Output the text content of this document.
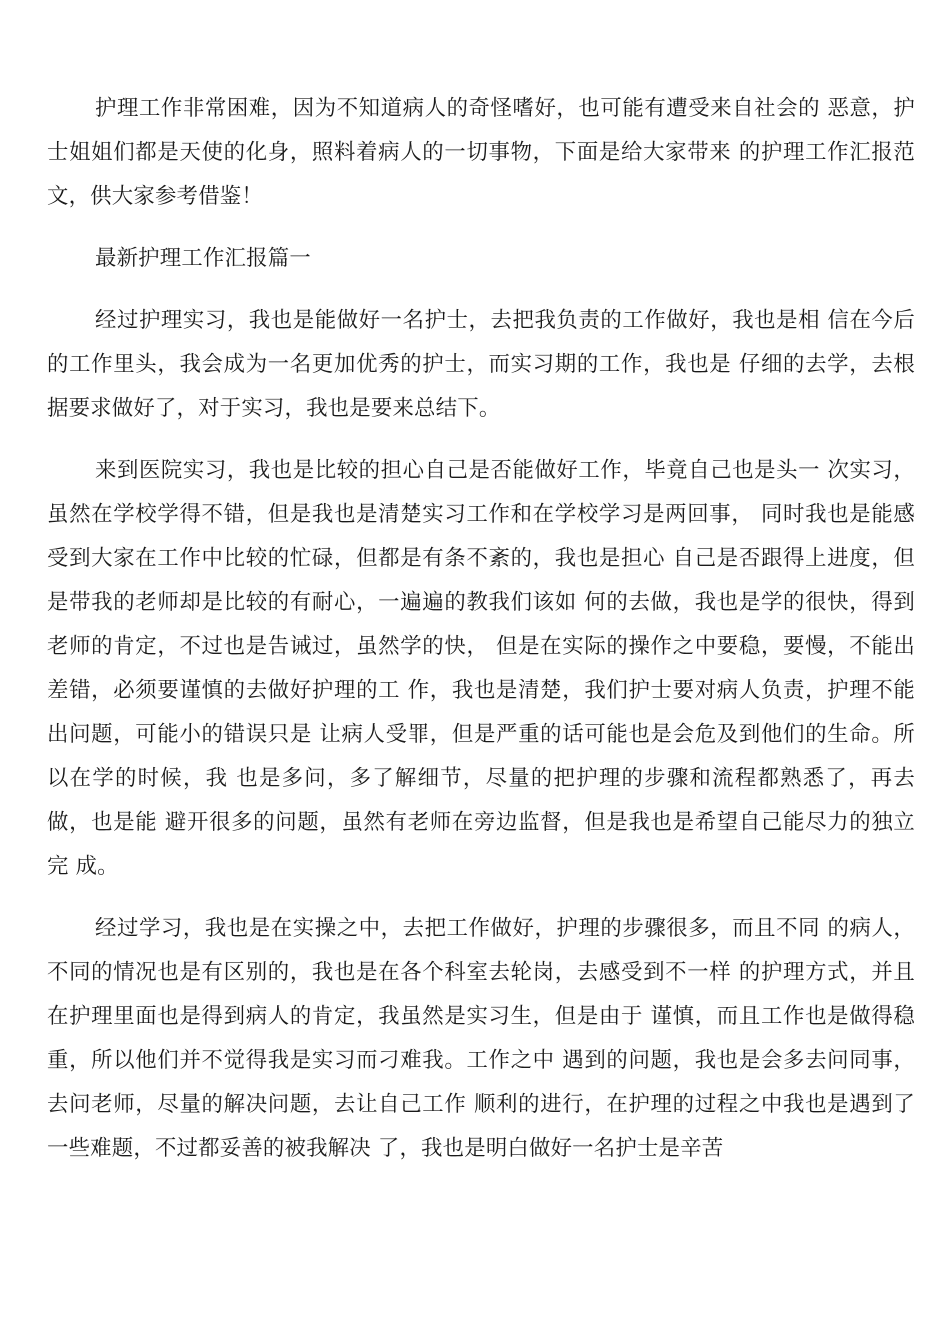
护理工作非常困难，因为不知道病人的奇怪嗜好，也可能有遭受来自社会的 恶意，护士姐姐们都是天使的化身，照料着病人的一切事物，下面是给大家带来 的护理工作汇报范文，供大家参考借鉴！

最新护理工作汇报篇一

经过护理实习，我也是能做好一名护士，去把我负责的工作做好，我也是相 信在今后的工作里头，我会成为一名更加优秀的护士，而实习期的工作，我也是 仔细的去学，去根据要求做好了，对于实习，我也是要来总结下。

来到医院实习，我也是比较的担心自己是否能做好工作，毕竟自己也是头一 次实习，虽然在学校学得不错，但是我也是清楚实习工作和在学校学习是两回事， 同时我也是能感受到大家在工作中比较的忙碌，但都是有条不紊的，我也是担心 自己是否跟得上进度，但是带我的老师却是比较的有耐心，一遍遍的教我们该如 何的去做，我也是学的很快，得到老师的肯定，不过也是告诫过，虽然学的快， 但是在实际的操作之中要稳，要慢，不能出差错，必须要谨慎的去做好护理的工 作，我也是清楚，我们护士要对病人负责，护理不能出问题，可能小的错误只是 让病人受罪，但是严重的话可能也是会危及到他们的生命。所以在学的时候，我 也是多问，多了解细节，尽量的把护理的步骤和流程都熟悉了，再去做，也是能 避开很多的问题，虽然有老师在旁边监督，但是我也是希望自己能尽力的独立完 成。

经过学习，我也是在实操之中，去把工作做好，护理的步骤很多，而且不同 的病人，不同的情况也是有区别的，我也是在各个科室去轮岗，去感受到不一样 的护理方式，并且在护理里面也是得到病人的肯定，我虽然是实习生，但是由于 谨慎，而且工作也是做得稳重，所以他们并不觉得我是实习而刁难我。工作之中 遇到的问题，我也是会多去问同事，去问老师，尽量的解决问题，去让自己工作 顺利的进行，在护理的过程之中我也是遇到了一些难题，不过都妥善的被我解决 了，我也是明白做好一名护士是辛苦
